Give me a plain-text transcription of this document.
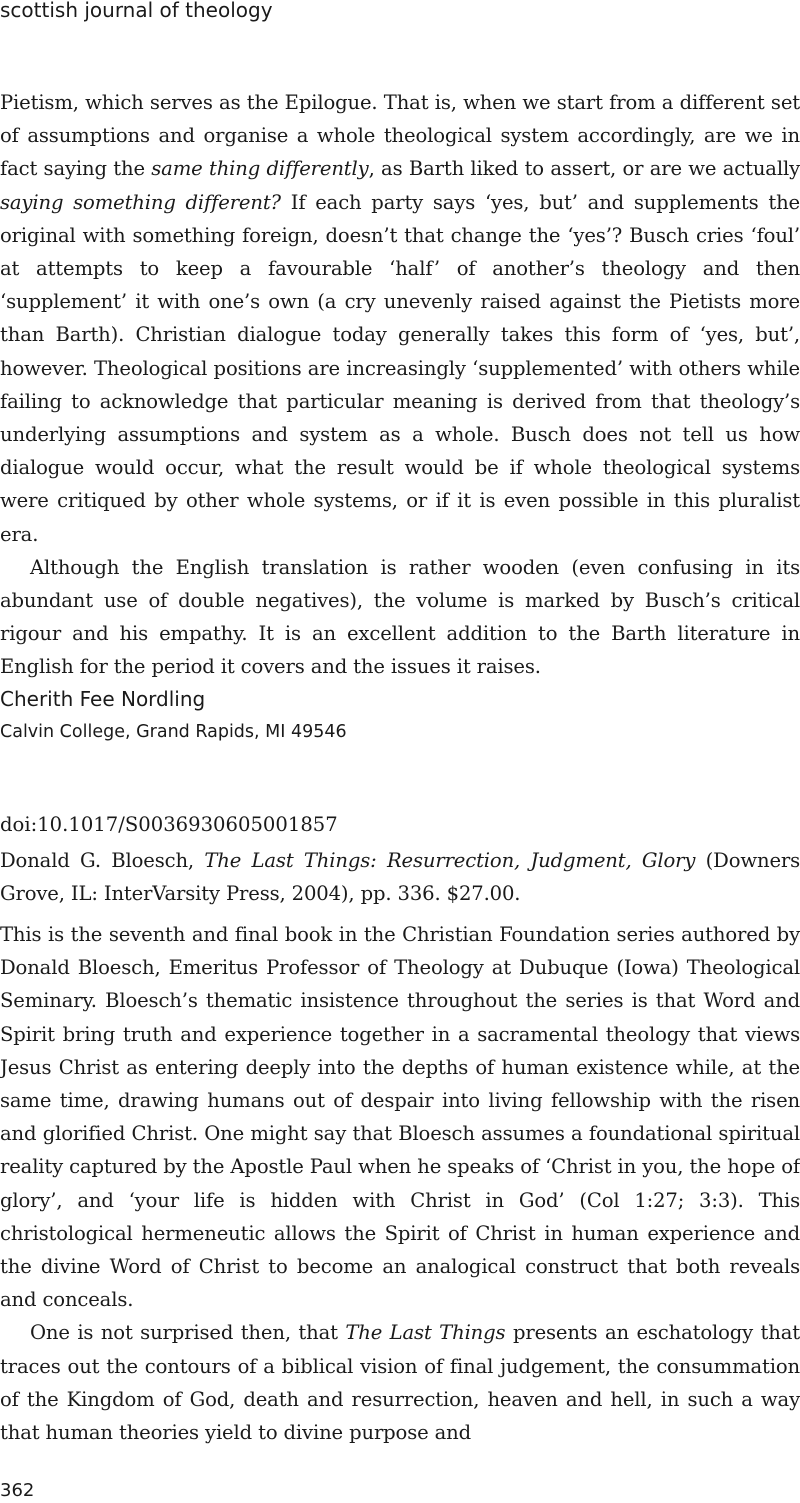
scottish journal of theology

Pietism, which serves as the Epilogue. That is, when we start from a different set of assumptions and organise a whole theological system accordingly, are we in fact saying the same thing differently, as Barth liked to assert, or are we actually saying something different? If each party says ‘yes, but’ and supplements the original with something foreign, doesn’t that change the ‘yes’? Busch cries ‘foul’ at attempts to keep a favourable ‘half’ of another’s theology and then ‘supplement’ it with one’s own (a cry unevenly raised against the Pietists more than Barth). Christian dialogue today generally takes this form of ‘yes, but’, however. Theological positions are increasingly ‘supplemented’ with others while failing to acknowledge that particular meaning is derived from that theology’s underlying assumptions and system as a whole. Busch does not tell us how dialogue would occur, what the result would be if whole theological systems were critiqued by other whole systems, or if it is even possible in this pluralist era.

Although the English translation is rather wooden (even confusing in its abundant use of double negatives), the volume is marked by Busch’s critical rigour and his empathy. It is an excellent addition to the Barth literature in English for the period it covers and the issues it raises.

Cherith Fee Nordling
Calvin College, Grand Rapids, MI 49546
doi:10.1017/S0036930605001857

Donald G. Bloesch, The Last Things: Resurrection, Judgment, Glory (Downers Grove, IL: InterVarsity Press, 2004), pp. 336. $27.00.

This is the seventh and final book in the Christian Foundation series authored by Donald Bloesch, Emeritus Professor of Theology at Dubuque (Iowa) Theological Seminary. Bloesch’s thematic insistence throughout the series is that Word and Spirit bring truth and experience together in a sacramental theology that views Jesus Christ as entering deeply into the depths of human existence while, at the same time, drawing humans out of despair into living fellowship with the risen and glorified Christ. One might say that Bloesch assumes a foundational spiritual reality captured by the Apostle Paul when he speaks of ‘Christ in you, the hope of glory’, and ‘your life is hidden with Christ in God’ (Col 1:27; 3:3). This christological hermeneutic allows the Spirit of Christ in human experience and the divine Word of Christ to become an analogical construct that both reveals and conceals.

One is not surprised then, that The Last Things presents an eschatology that traces out the contours of a biblical vision of final judgement, the consummation of the Kingdom of God, death and resurrection, heaven and hell, in such a way that human theories yield to divine purpose and

362
